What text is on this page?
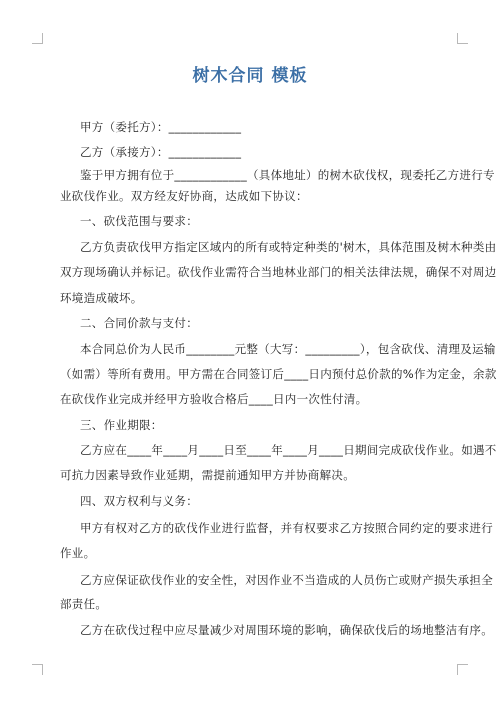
树木合同 模板
甲方（委托方）：____________
乙方（承接方）：____________
鉴于甲方拥有位于____________（具体地址）的树木砍伐权，现委托乙方进行专
业砍伐作业。双方经友好协商，达成如下协议：
一、砍伐范围与要求：
乙方负责砍伐甲方指定区域内的所有或特定种类的'树木，具体范围及树木种类由
双方现场确认并标记。砍伐作业需符合当地林业部门的相关法律法规，确保不对周边
环境造成破坏。
二、合同价款与支付：
本合同总价为人民币________元整（大写：_________），包含砍伐、清理及运输
（如需）等所有费用。甲方需在合同签订后____日内预付总价款的%作为定金，余款
在砍伐作业完成并经甲方验收合格后____日内一次性付清。
三、作业期限：
乙方应在____年____月____日至____年____月____日期间完成砍伐作业。如遇不
可抗力因素导致作业延期，需提前通知甲方并协商解决。
四、双方权利与义务：
甲方有权对乙方的砍伐作业进行监督，并有权要求乙方按照合同约定的要求进行
作业。
乙方应保证砍伐作业的安全性，对因作业不当造成的人员伤亡或财产损失承担全
部责任。
乙方在砍伐过程中应尽量减少对周围环境的影响，确保砍伐后的场地整洁有序。
